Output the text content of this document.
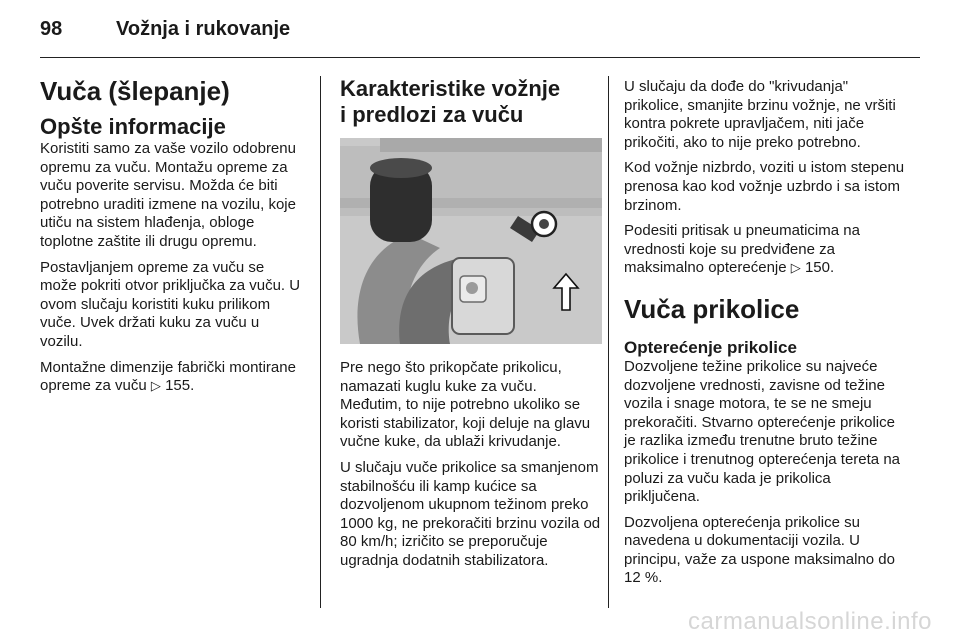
98	Vožnja i rukovanje
Vuča (šlepanje)
Opšte informacije

Koristiti samo za vaše vozilo odobrenu opremu za vuču. Montažu opreme za vuču poverite servisu. Možda će biti potrebno uraditi izmene na vozilu, koje utiču na sistem hlađenja, obloge toplotne zaštite ili drugu opremu.

Postavljanjem opreme za vuču se može pokriti otvor priključka za vuču. U ovom slučaju koristiti kuku prilikom vuče. Uvek držati kuku za vuču u vozilu.

Montažne dimenzije fabrički montirane opreme za vuču ▷ 155.

Karakteristike vožnje
i predlozi za vuču

Pre nego što prikopčate prikolicu, namazati kuglu kuke za vuču. Međutim, to nije potrebno ukoliko se koristi stabilizator, koji deluje na glavu vučne kuke, da ublaži krivudanje.

U slučaju vuče prikolice sa smanjenom stabilnošću ili kamp kućice sa dozvoljenom ukupnom težinom preko 1000 kg, ne prekoračiti brzinu vozila od 80 km/h; izričito se preporučuje ugradnja dodatnih stabilizatora.

U slučaju da dođe do "krivudanja" prikolice, smanjite brzinu vožnje, ne vršiti kontra pokrete upravljačem, niti jače prikočiti, ako to nije preko potrebno.

Kod vožnje nizbrdo, voziti u istom stepenu prenosa kao kod vožnje uzbrdo i sa istom brzinom.

Podesiti pritisak u pneumaticima na vrednosti koje su predviđene za maksimalno opterećenje ▷ 150.

Vuča prikolice
Opterećenje prikolice

Dozvoljene težine prikolice su najveće dozvoljene vrednosti, zavisne od težine vozila i snage motora, te se ne smeju prekoračiti. Stvarno opterećenje prikolice je razlika između trenutne bruto težine prikolice i trenutnog opterećenja tereta na poluzi za vuču kada je prikolica priključena.

Dozvoljena opterećenja prikolice su navedena u dokumentaciji vozila. U principu, važe za uspone maksimalno do 12 %.

carmanualsonline.info
